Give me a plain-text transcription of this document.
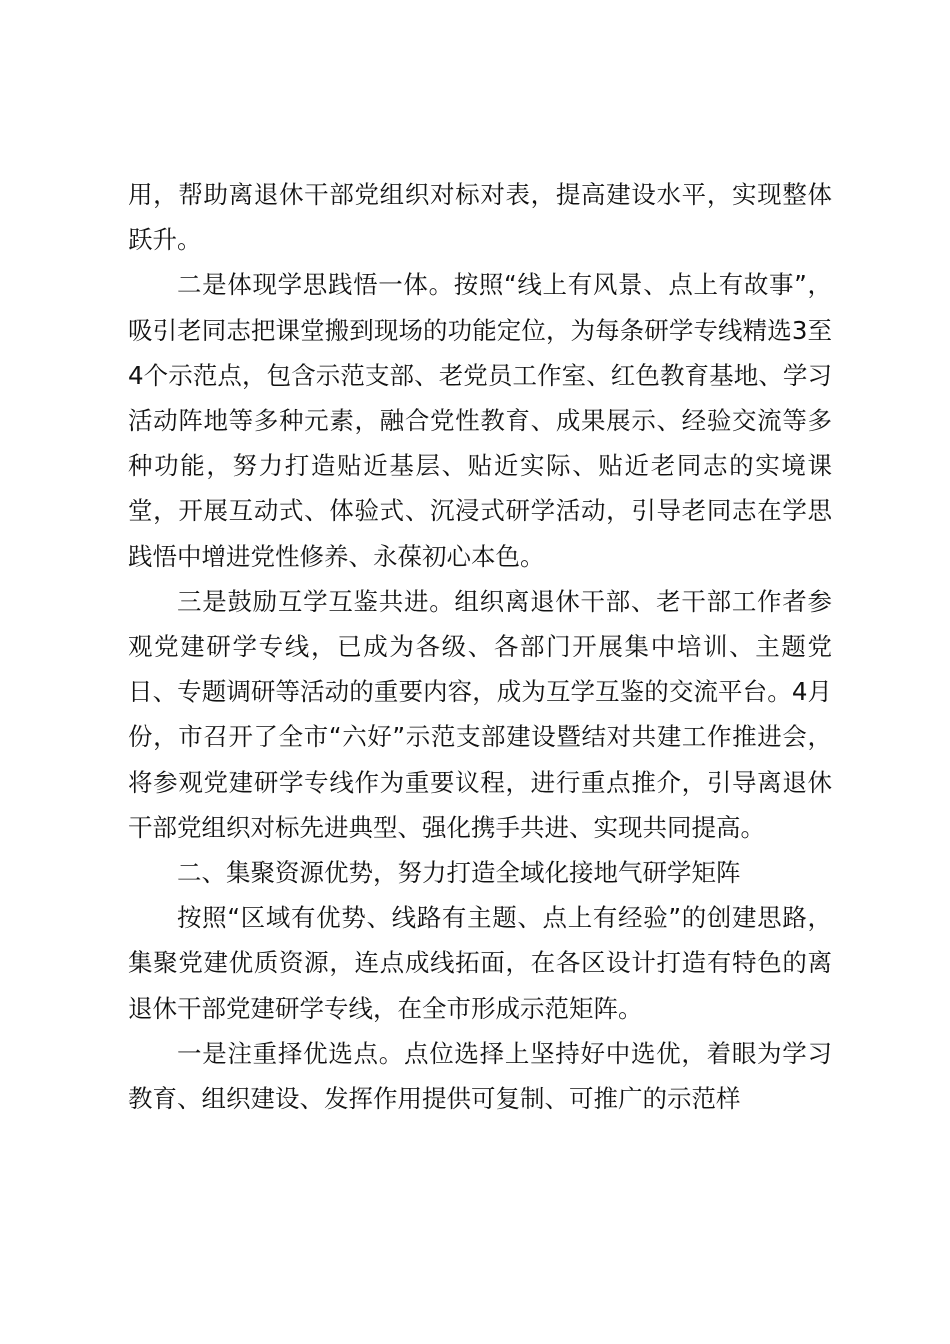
用，帮助离退休干部党组织对标对表，提高建设水平，实现整体跃升。

二是体现学思践悟一体。按照“线上有风景、点上有故事”，吸引老同志把课堂搬到现场的功能定位，为每条研学专线精选3至4个示范点，包含示范支部、老党员工作室、红色教育基地、学习活动阵地等多种元素，融合党性教育、成果展示、经验交流等多种功能，努力打造贴近基层、贴近实际、贴近老同志的实境课堂，开展互动式、体验式、沉浸式研学活动，引导老同志在学思践悟中增进党性修养、永葆初心本色。

三是鼓励互学互鉴共进。组织离退休干部、老干部工作者参观党建研学专线，已成为各级、各部门开展集中培训、主题党日、专题调研等活动的重要内容，成为互学互鉴的交流平台。4月份，市召开了全市“六好”示范支部建设暨结对共建工作推进会，将参观党建研学专线作为重要议程，进行重点推介，引导离退休干部党组织对标先进典型、强化携手共进、实现共同提高。

二、集聚资源优势，努力打造全域化接地气研学矩阵

按照“区域有优势、线路有主题、点上有经验”的创建思路，集聚党建优质资源，连点成线拓面，在各区设计打造有特色的离退休干部党建研学专线，在全市形成示范矩阵。

一是注重择优选点。点位选择上坚持好中选优，着眼为学习教育、组织建设、发挥作用提供可复制、可推广的示范样
